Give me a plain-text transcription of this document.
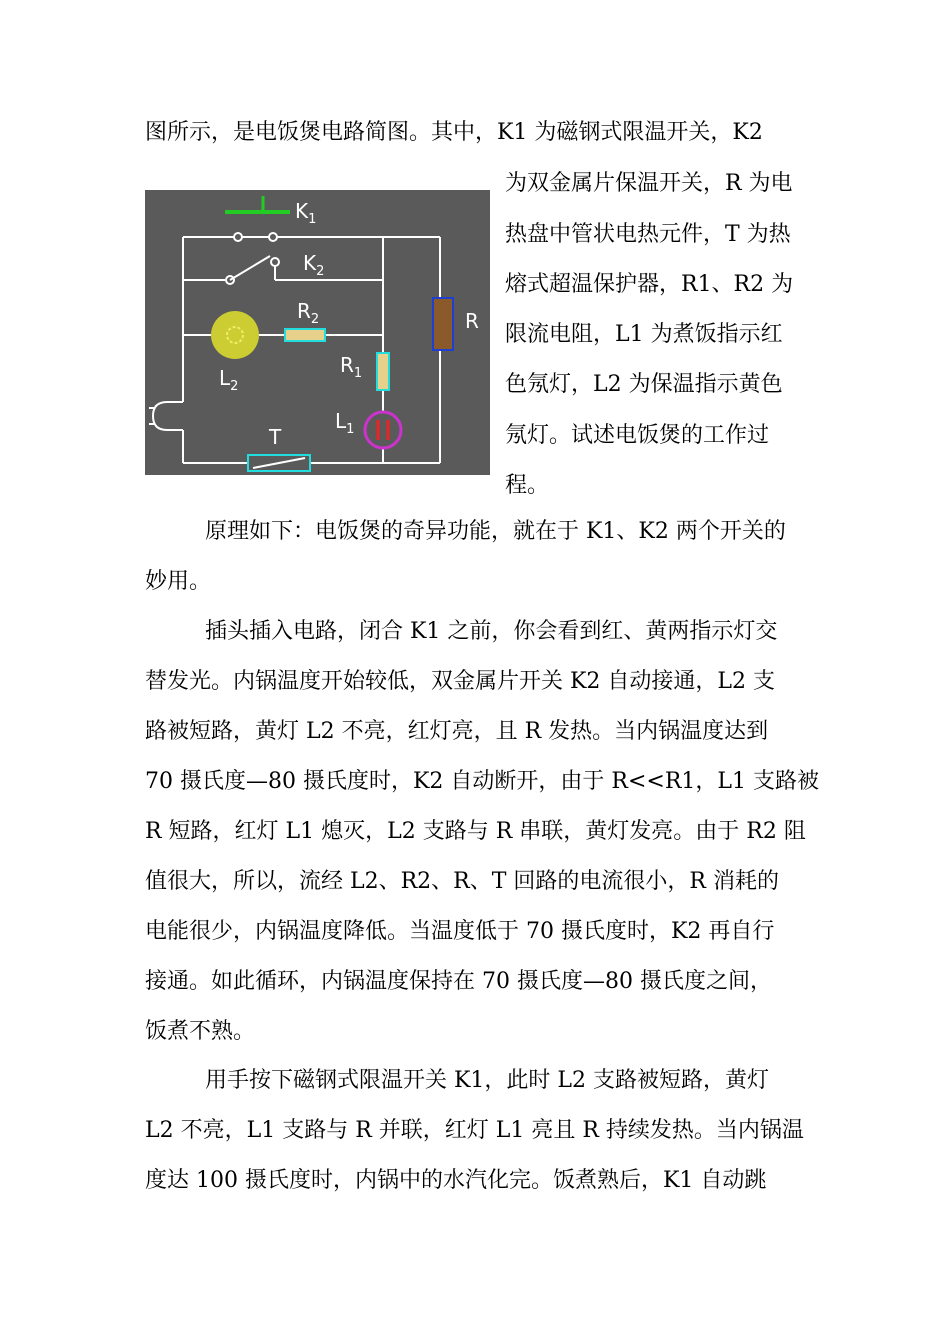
图所示，是电饭煲电路简图。其中，K1 为磁钢式限温开关，K2
为双金属片保温开关，R 为电
热盘中管状电热元件，T 为热
熔式超温保护器，R1、R2 为
限流电阻，L1 为煮饭指示红
色氖灯，L2 为保温指示黄色
氖灯。试述电饭煲的工作过
程。
原理如下：电饭煲的奇异功能，就在于 K1、K2 两个开关的
妙用。
插头插入电路，闭合 K1 之前，你会看到红、黄两指示灯交
替发光。内锅温度开始较低，双金属片开关 K2 自动接通，L2 支
路被短路，黄灯 L2 不亮，红灯亮，且 R 发热。当内锅温度达到
70 摄氏度—80 摄氏度时，K2 自动断开，由于 R<<R1，L1 支路被
R 短路，红灯 L1 熄灭，L2 支路与 R 串联，黄灯发亮。由于 R2 阻
值很大，所以，流经 L2、R2、R、T 回路的电流很小，R 消耗的
电能很少，内锅温度降低。当温度低于 70 摄氏度时，K2 再自行
接通。如此循环，内锅温度保持在 70 摄氏度—80 摄氏度之间，
饭煮不熟。
用手按下磁钢式限温开关 K1，此时 L2 支路被短路，黄灯
L2 不亮，L1 支路与 R 并联，红灯 L1 亮且 R 持续发热。当内锅温
度达 100 摄氏度时，内锅中的水汽化完。饭煮熟后，K1 自动跳
$K_1$
$K_2$
$L_2$
$R_2$
$R_1$
$L_1$
R
T
